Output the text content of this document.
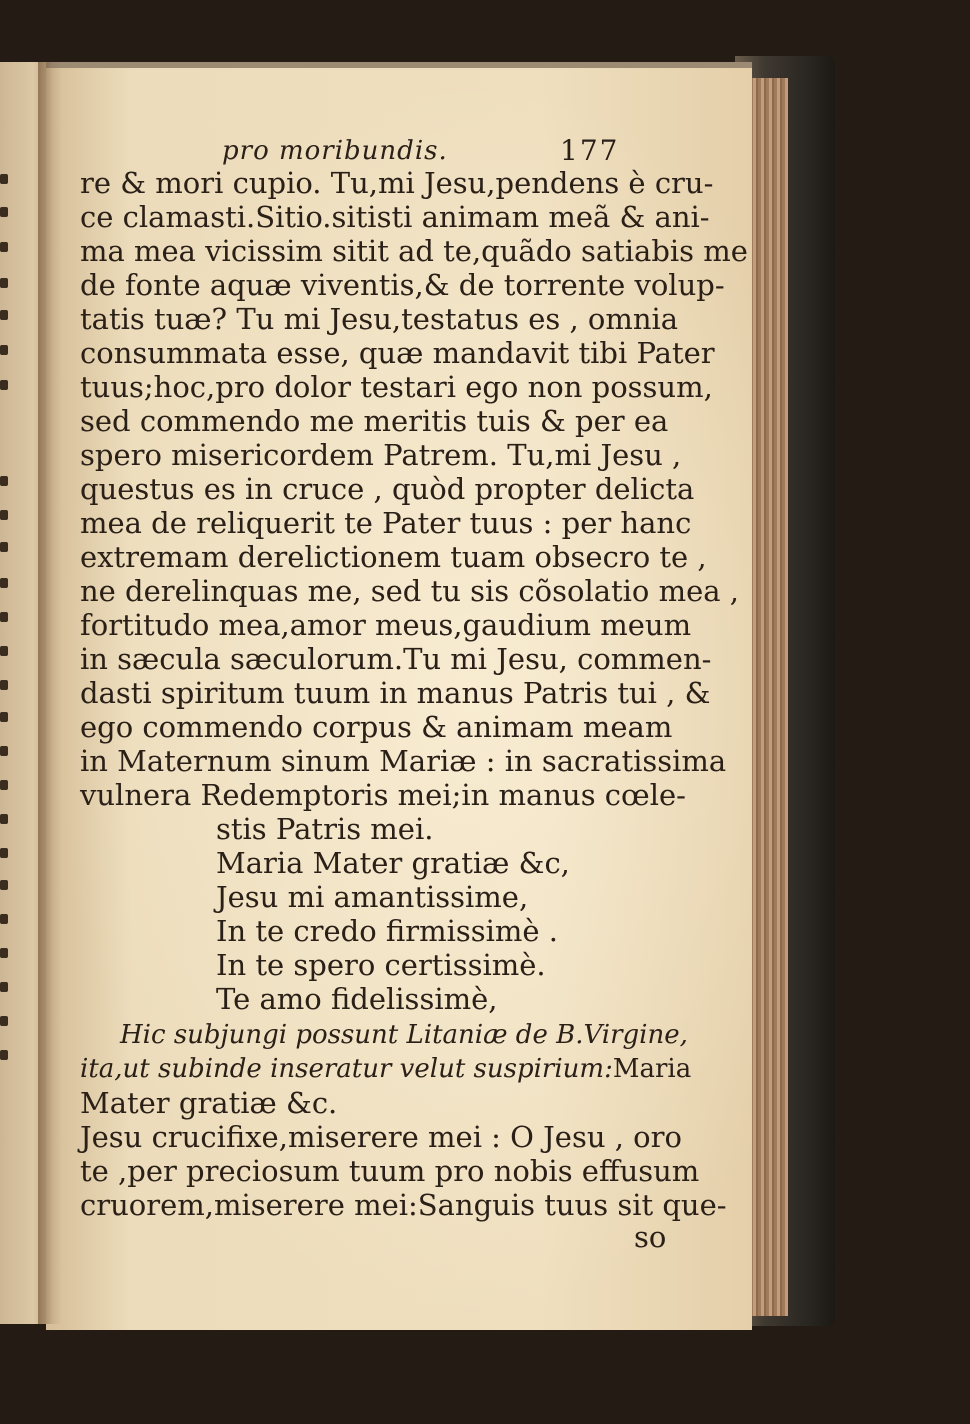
pro moribundis.	177
re & mori cupio. Tu,mi Jesu,pendens è cru-
ce clamasti.Sitio.sitisti animam meã & ani-
ma mea vicissim sitit ad te,quãdo satiabis me
de fonte aquæ viventis,& de torrente volup-
tatis tuæ? Tu mi Jesu,testatus es , omnia
consummata esse, quæ mandavit tibi Pater
tuus;hoc,pro dolor testari ego non possum,
sed commendo me meritis tuis & per ea
spero misericordem Patrem. Tu,mi Jesu ,
questus es in cruce , quòd propter delicta
mea de reliquerit te Pater tuus : per hanc
extremam derelictionem tuam obsecro te ,
ne derelinquas me, sed tu sis cõsolatio mea ,
fortitudo mea,amor meus,gaudium meum
in sæcula sæculorum.Tu mi Jesu, commen-
dasti spiritum tuum in manus Patris tui , &
ego commendo corpus & animam meam
in Maternum sinum Mariæ : in sacratissima
vulnera Redemptoris mei;in manus cœle-
stis Patris mei.
Maria Mater gratiæ &c,
Jesu mi amantissime,
In te credo firmissimè .
In te spero certissimè.
Te amo fidelissimè,
Hic subjungi possunt Litaniæ de B.Virgine,
ita,ut subinde inseratur velut suspirium:Maria
Mater gratiæ &c.
Jesu crucifixe,miserere mei : O Jesu , oro
te ,per preciosum tuum pro nobis effusum
cruorem,miserere mei:Sanguis tuus sit que-
so
